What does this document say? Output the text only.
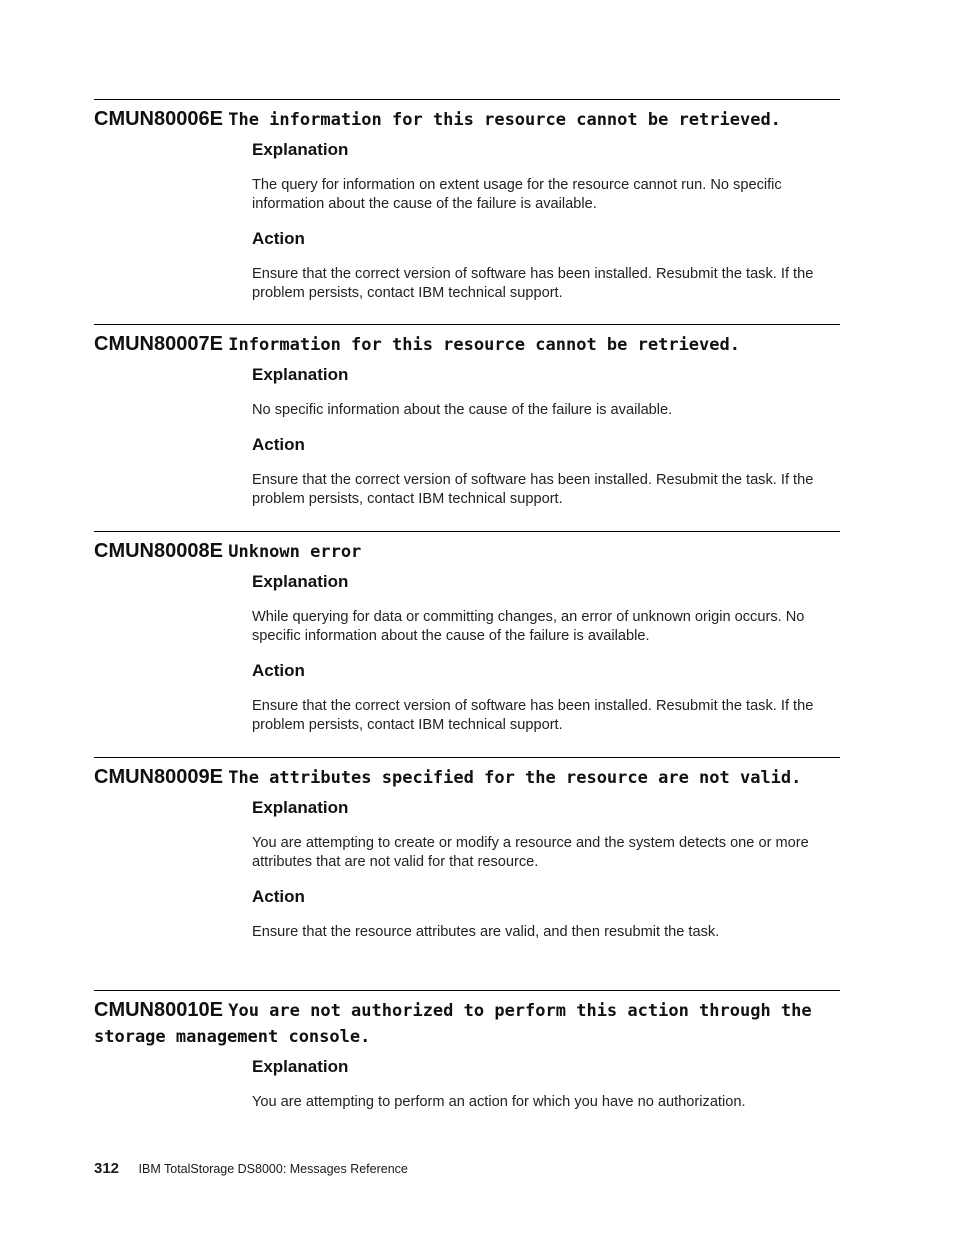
CMUN80006E The information for this resource cannot be retrieved.
Explanation
The query for information on extent usage for the resource cannot run. No specific information about the cause of the failure is available.
Action
Ensure that the correct version of software has been installed. Resubmit the task. If the problem persists, contact IBM technical support.
CMUN80007E Information for this resource cannot be retrieved.
Explanation
No specific information about the cause of the failure is available.
Action
Ensure that the correct version of software has been installed. Resubmit the task. If the problem persists, contact IBM technical support.
CMUN80008E Unknown error
Explanation
While querying for data or committing changes, an error of unknown origin occurs. No specific information about the cause of the failure is available.
Action
Ensure that the correct version of software has been installed. Resubmit the task. If the problem persists, contact IBM technical support.
CMUN80009E The attributes specified for the resource are not valid.
Explanation
You are attempting to create or modify a resource and the system detects one or more attributes that are not valid for that resource.
Action
Ensure that the resource attributes are valid, and then resubmit the task.
CMUN80010E You are not authorized to perform this action through the storage management console.
Explanation
You are attempting to perform an action for which you have no authorization.
312 IBM TotalStorage DS8000: Messages Reference
